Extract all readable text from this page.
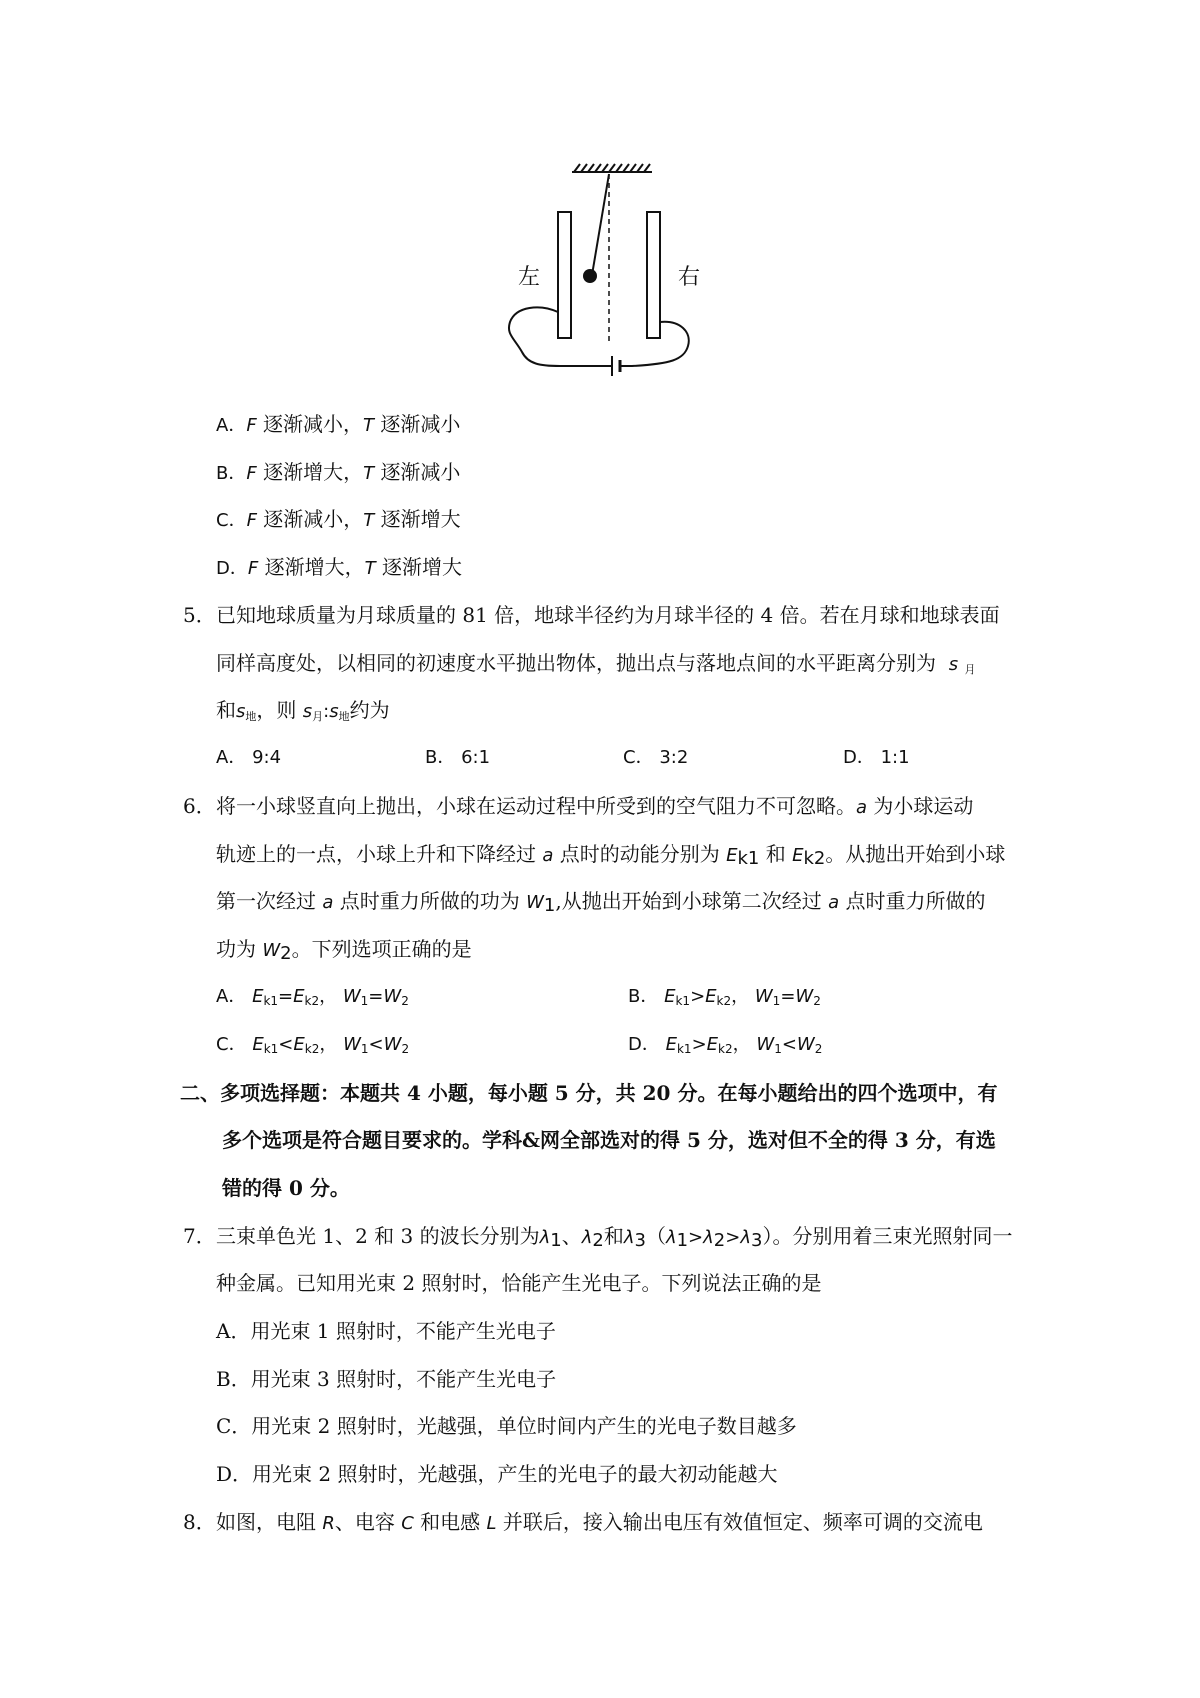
左	右
A．F 逐渐减小，T 逐渐减小
B．F 逐渐增大，T 逐渐减小
C．F 逐渐减小，T 逐渐增大
D．F 逐渐增大，T 逐渐增大
5． 已知地球质量为月球质量的 81 倍，地球半径约为月球半径的 4 倍。若在月球和地球表面
同样高度处，以相同的初速度水平抛出物体，抛出点与落地点间的水平距离分别为 s 月
和s地，则 s月:s地约为
A． 9:4	B． 6:1	C． 3:2	D． 1:1
6． 将一小球竖直向上抛出，小球在运动过程中所受到的空气阻力不可忽略。a 为小球运动
轨迹上的一点，小球上升和下降经过 a 点时的动能分别为 $E_{k1}$ 和 $E_{k2}$。从抛出开始到小球
第一次经过 a 点时重力所做的功为 $W_1$,从抛出开始到小球第二次经过 a 点时重力所做的
功为 $W_2$。下列选项正确的是
A． $E_{k1}=E_{k2}$， $W_1=W_2$	B． $E_{k1}>E_{k2}$， $W_1=W_2$
C． $E_{k1}<E_{k2}$， $W_1<W_2$	D． $E_{k1}>E_{k2}$， $W_1<W_2$
二、多项选择题：本题共 4 小题，每小题 5 分，共 20 分。在每小题给出的四个选项中，有
多个选项是符合题目要求的。学科&网全部选对的得 5 分，选对但不全的得 3 分，有选
错的得 0 分。
7． 三束单色光 1、2 和 3 的波长分别为$\lambda_1$、$\lambda_2$和$\lambda_3(\lambda_1>\lambda_2>\lambda_3)$。分别用着三束光照射同一
种金属。已知用光束 2 照射时，恰能产生光电子。下列说法正确的是
A．用光束 1 照射时，不能产生光电子
B．用光束 3 照射时，不能产生光电子
C．用光束 2 照射时，光越强，单位时间内产生的光电子数目越多
D．用光束 2 照射时，光越强，产生的光电子的最大初动能越大
8． 如图，电阻 R、电容 C 和电感 L 并联后，接入输出电压有效值恒定、频率可调的交流电
